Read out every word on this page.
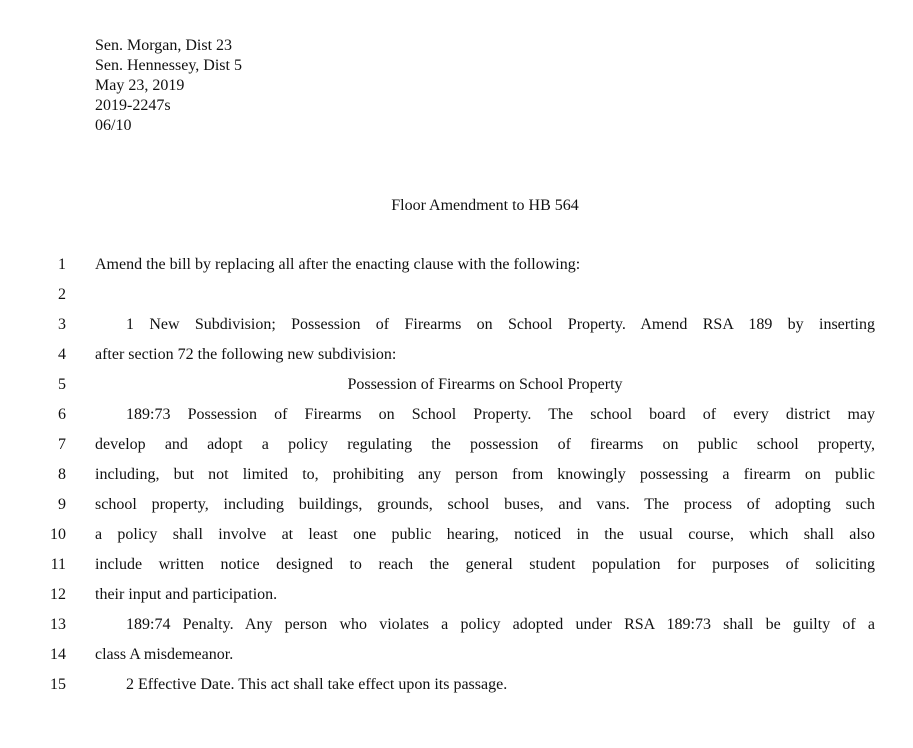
Sen. Morgan, Dist 23
Sen. Hennessey, Dist 5
May 23, 2019
2019-2247s
06/10
Floor Amendment to HB 564
1 Amend the bill by replacing all after the enacting clause with the following:
2
3	1 New Subdivision; Possession of Firearms on School Property. Amend RSA 189 by inserting
4 after section 72 the following new subdivision:
5	Possession of Firearms on School Property
6	189:73 Possession of Firearms on School Property. The school board of every district may
7 develop and adopt a policy regulating the possession of firearms on public school property,
8 including, but not limited to, prohibiting any person from knowingly possessing a firearm on public
9 school property, including buildings, grounds, school buses, and vans. The process of adopting such
10 a policy shall involve at least one public hearing, noticed in the usual course, which shall also
11 include written notice designed to reach the general student population for purposes of soliciting
12 their input and participation.
13	189:74 Penalty. Any person who violates a policy adopted under RSA 189:73 shall be guilty of a
14 class A misdemeanor.
15	2 Effective Date. This act shall take effect upon its passage.
